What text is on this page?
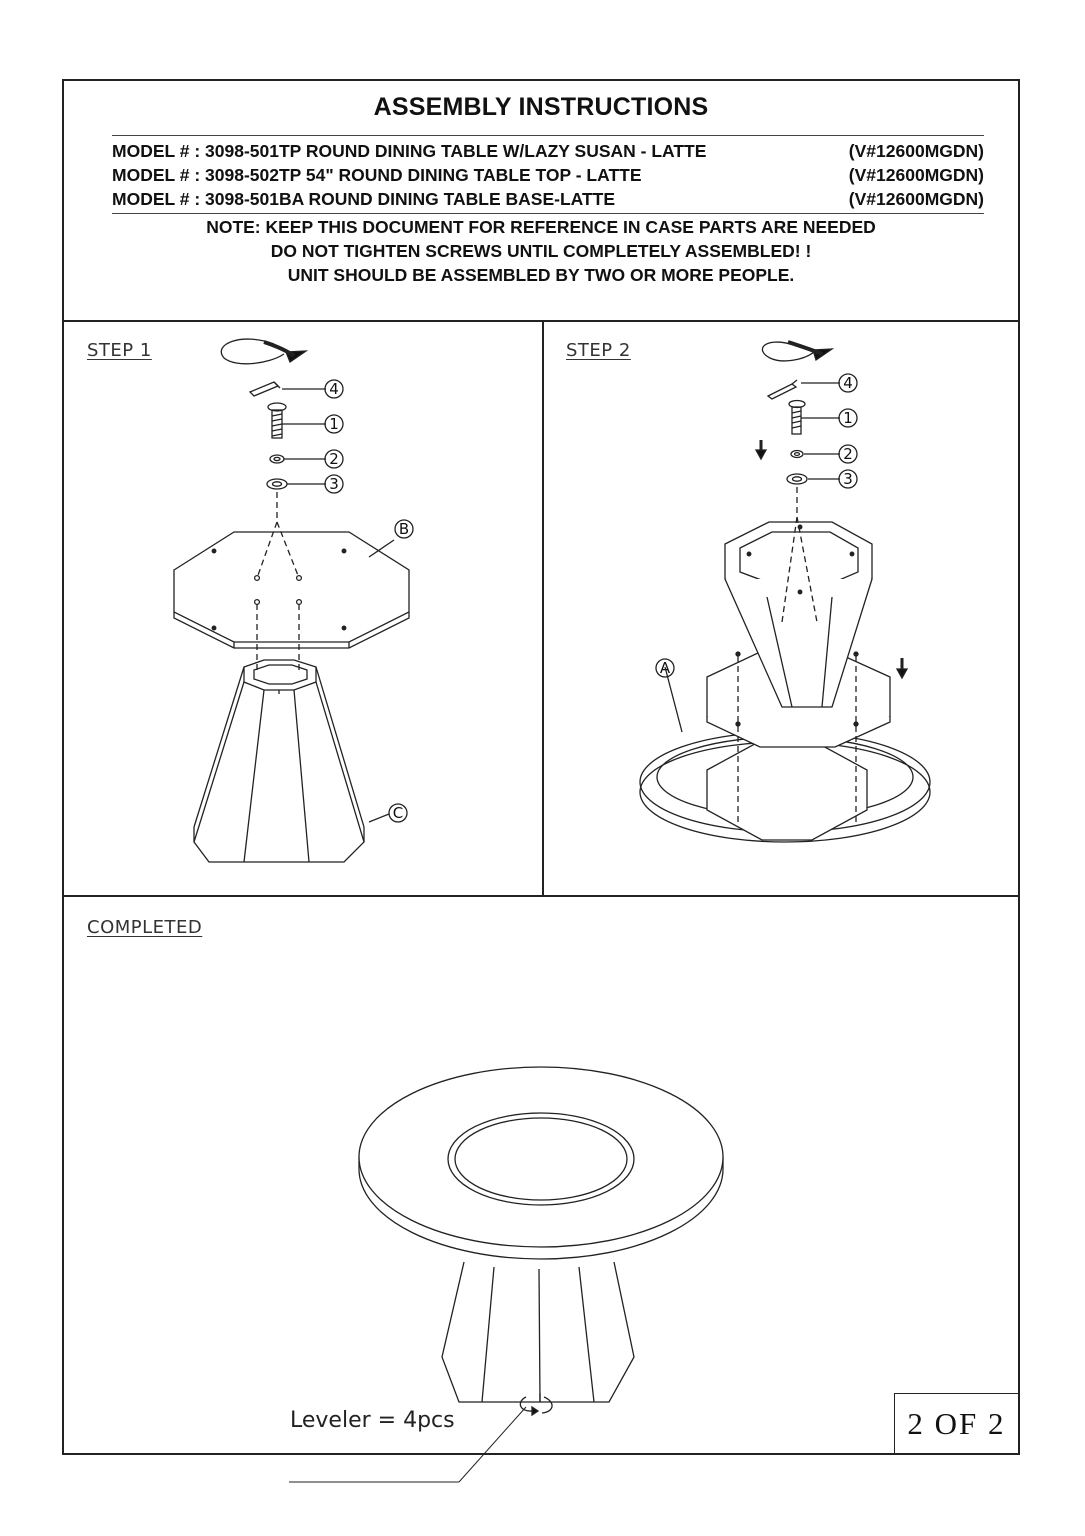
ASSEMBLY INSTRUCTIONS
MODEL # : 3098-501TP ROUND DINING TABLE W/LAZY SUSAN - LATTE	(V#12600MGDN)
MODEL # : 3098-502TP 54" ROUND DINING TABLE TOP - LATTE	(V#12600MGDN)
MODEL # : 3098-501BA ROUND DINING TABLE BASE-LATTE	(V#12600MGDN)
NOTE: KEEP THIS DOCUMENT FOR REFERENCE IN CASE PARTS ARE NEEDED
DO NOT TIGHTEN SCREWS UNTIL COMPLETELY ASSEMBLED! !
UNIT SHOULD BE ASSEMBLED BY TWO OR MORE PEOPLE.
STEP 1
4
1
2
3
B
C
STEP 2
4
1
2
3
A
COMPLETED
Leveler = 4pcs	2 OF 2
